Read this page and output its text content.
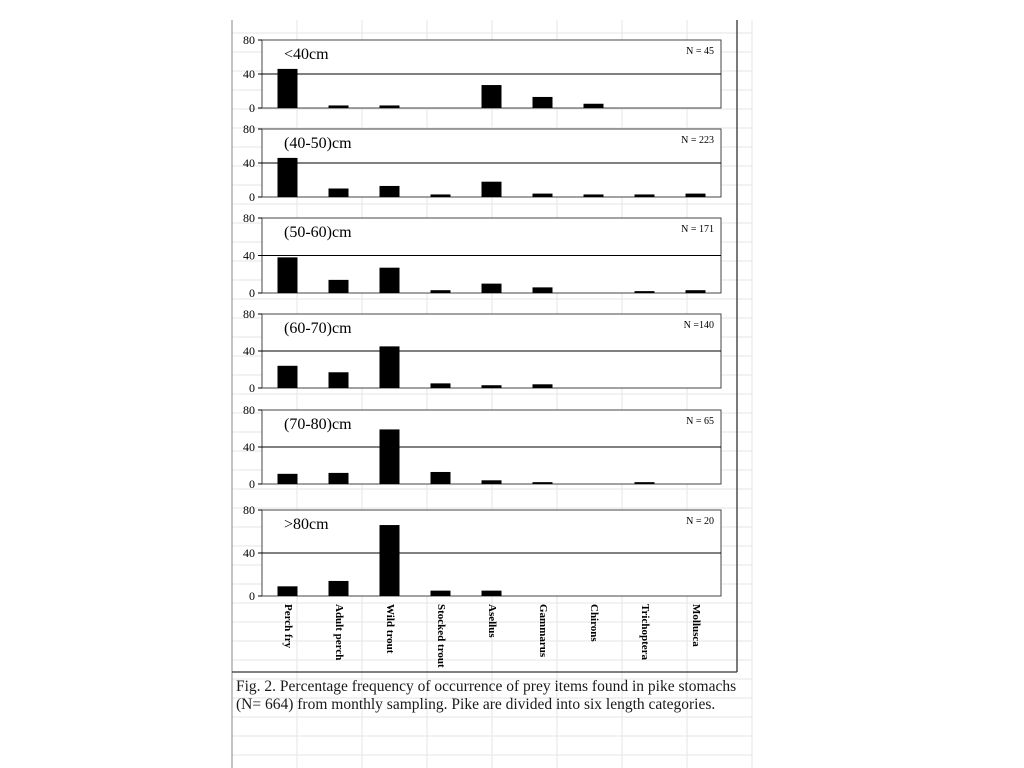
0
40
80
<40cm	N = 45
0
40
80
(40-50)cm	N = 223
0
40
80
(50-60)cm	N = 171
0
40
80
(60-70)cm	N =140
0
40
80
(70-80)cm	N = 65
0
40
80
>80cm	N = 20
Perch fry	Adult perch	Wild trout	Stocked trout	Asellus	Gammarus	Chirons	Trichoptera	Mollusca
Fig. 2. Percentage frequency of occurrence of prey items found in pike stomachs
(N= 664) from monthly sampling. Pike are divided into six length categories.
